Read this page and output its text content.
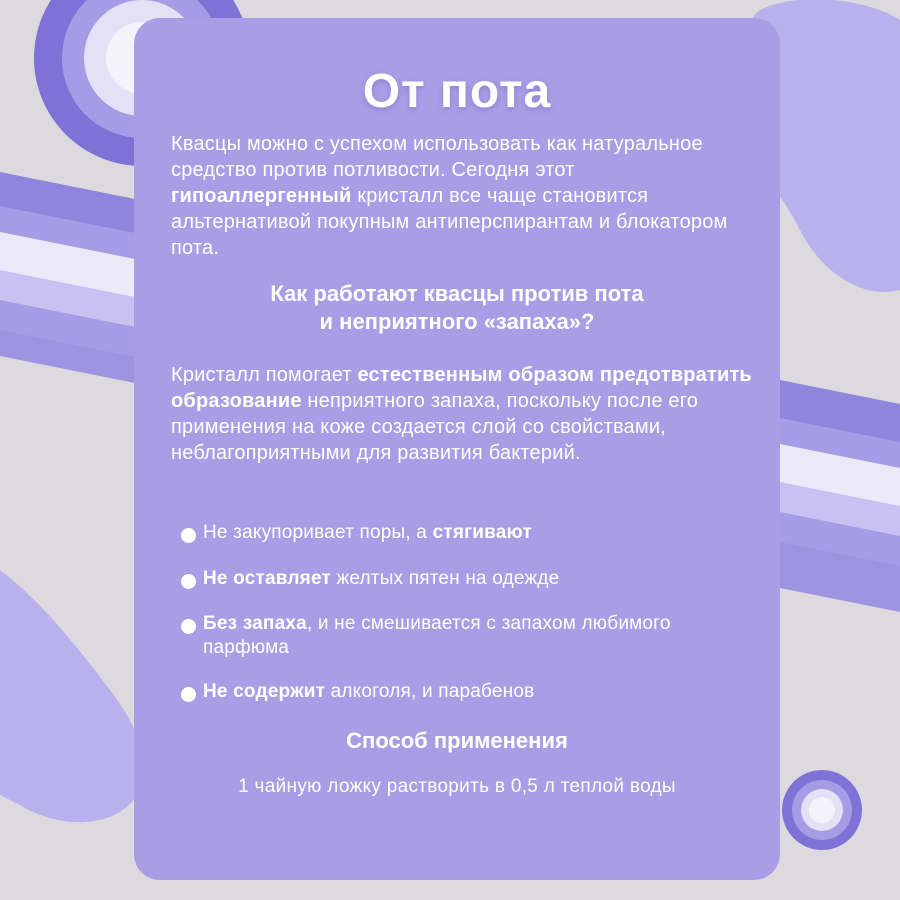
От пота
Квасцы можно с успехом использовать как натуральное средство против потливости. Сегодня этот гипоаллергенный кристалл все чаще становится альтернативой покупным антиперспирантам и блокатором пота.
Как работают квасцы против пота
и неприятного «запаха»?
Кристалл помогает естественным образом предотвратить образование неприятного запаха, поскольку после его применения на коже создается слой со свойствами, неблагоприятными для развития бактерий.
Не закупоривает поры, а стягивают
Не оставляет желтых пятен на одежде
Без запаха, и не смешивается с запахом любимого парфюма
Не содержит алкоголя, и парабенов
Способ применения
1 чайную ложку растворить в 0,5 л теплой воды
